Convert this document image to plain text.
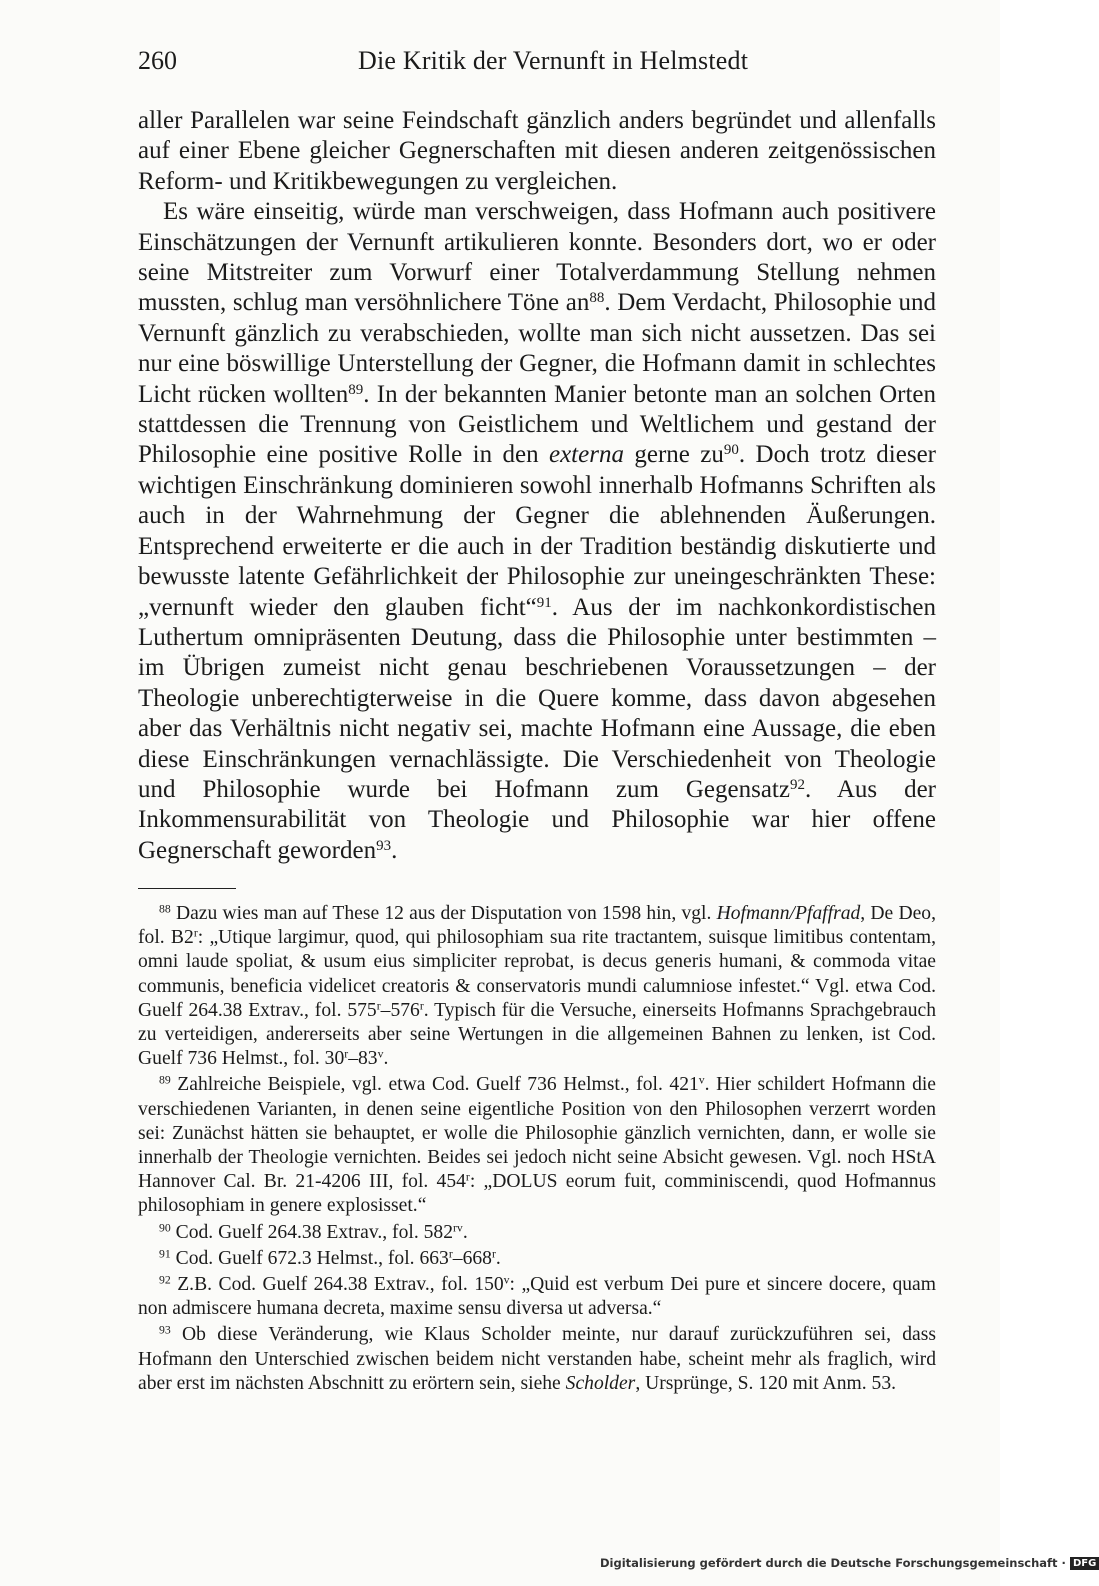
260	Die Kritik der Vernunft in Helmstedt

aller Parallelen war seine Feindschaft gänzlich anders begründet und allenfalls auf einer Ebene gleicher Gegnerschaften mit diesen anderen zeitgenössischen Reform- und Kritikbewegungen zu vergleichen.

Es wäre einseitig, würde man verschweigen, dass Hofmann auch positivere Einschätzungen der Vernunft artikulieren konnte. Besonders dort, wo er oder seine Mitstreiter zum Vorwurf einer Totalverdammung Stellung nehmen mussten, schlug man versöhnlichere Töne $an^{88}$. Dem Verdacht, Philosophie und Vernunft gänzlich zu verabschieden, wollte man sich nicht aussetzen. Das sei nur eine böswillige Unterstellung der Gegner, die Hofmann damit in schlechtes Licht rücken wollten$^{89}$. In der bekannten Manier betonte man an solchen Orten stattdessen die Trennung von Geistlichem und Weltlichem und gestand der Philosophie eine positive Rolle in den externa gerne $zu^{90}$. Doch trotz dieser wichtigen Einschränkung dominieren sowohl innerhalb Hofmanns Schriften als auch in der Wahrnehmung der Gegner die ablehnenden Äußerungen. Entsprechend erweiterte er die auch in der Tradition beständig diskutierte und bewusste latente Gefährlichkeit der Philosophie zur uneingeschränkten These: „vernunft wieder den glauben ficht“$^{91}$. Aus der im nachkonkordistischen Luthertum omnipräsenten Deutung, dass die Philosophie unter bestimmten – im Übrigen zumeist nicht genau beschriebenen Voraussetzungen – der Theologie unberechtigterweise in die Quere komme, dass davon abgesehen aber das Verhältnis nicht negativ sei, machte Hofmann eine Aussage, die eben diese Einschränkungen vernachlässigte. Die Verschiedenheit von Theologie und Philosophie wurde bei Hofmann zum Gegensatz$^{92}$. Aus der Inkommensurabilität von Theologie und Philosophie war hier offene Gegnerschaft geworden$^{93}$.

$^{88}$ Dazu wies man auf These 12 aus der Disputation von 1598 hin, vgl. Hofmann/Pfaffrad, De Deo, fol. B2$^r$: „Utique largimur, quod, qui philosophiam sua rite tractantem, suisque limitibus contentam, omni laude spoliat, & usum eius simpliciter reprobat, is decus generis humani, & commoda vitae communis, beneficia videlicet creatoris & conservatoris mundi calumniose infestet.“ Vgl. etwa Cod. Guelf 264.38 Extrav., fol. 575$^r$–576$^r$. Typisch für die Versuche, einerseits Hofmanns Sprachgebrauch zu verteidigen, andererseits aber seine Wertungen in die allgemeinen Bahnen zu lenken, ist Cod. Guelf 736 Helmst., fol. 30$^r$–83$^v$.

$^{89}$ Zahlreiche Beispiele, vgl. etwa Cod. Guelf 736 Helmst., fol. 421$^v$. Hier schildert Hofmann die verschiedenen Varianten, in denen seine eigentliche Position von den Philosophen verzerrt worden sei: Zunächst hätten sie behauptet, er wolle die Philosophie gänzlich vernichten, dann, er wolle sie innerhalb der Theologie vernichten. Beides sei jedoch nicht seine Absicht gewesen. Vgl. noch HStA Hannover Cal. Br. 21-4206 III, fol. 454$^r$: „DOLUS eorum fuit, comminiscendi, quod Hofmannus philosophiam in genere explosisset.“

$^{90}$ Cod. Guelf 264.38 Extrav., fol. $582^{rv}$.

$^{91}$ Cod. Guelf 672.3 Helmst., fol. 663$^r$–668$^r$.

$^{92}$ Z.B. Cod. Guelf 264.38 Extrav., fol. 150$^v$: „Quid est verbum Dei pure et sincere docere, quam non admiscere humana decreta, maxime sensu diversa ut adversa.“

$^{93}$ Ob diese Veränderung, wie Klaus Scholder meinte, nur darauf zurückzuführen sei, dass Hofmann den Unterschied zwischen beidem nicht verstanden habe, scheint mehr als fraglich, wird aber erst im nächsten Abschnitt zu erörtern sein, siehe Scholder, Ursprünge, S. 120 mit Anm. 53.

Digitalisierung gefördert durch die Deutsche Forschungsgemeinschaft · DFG
